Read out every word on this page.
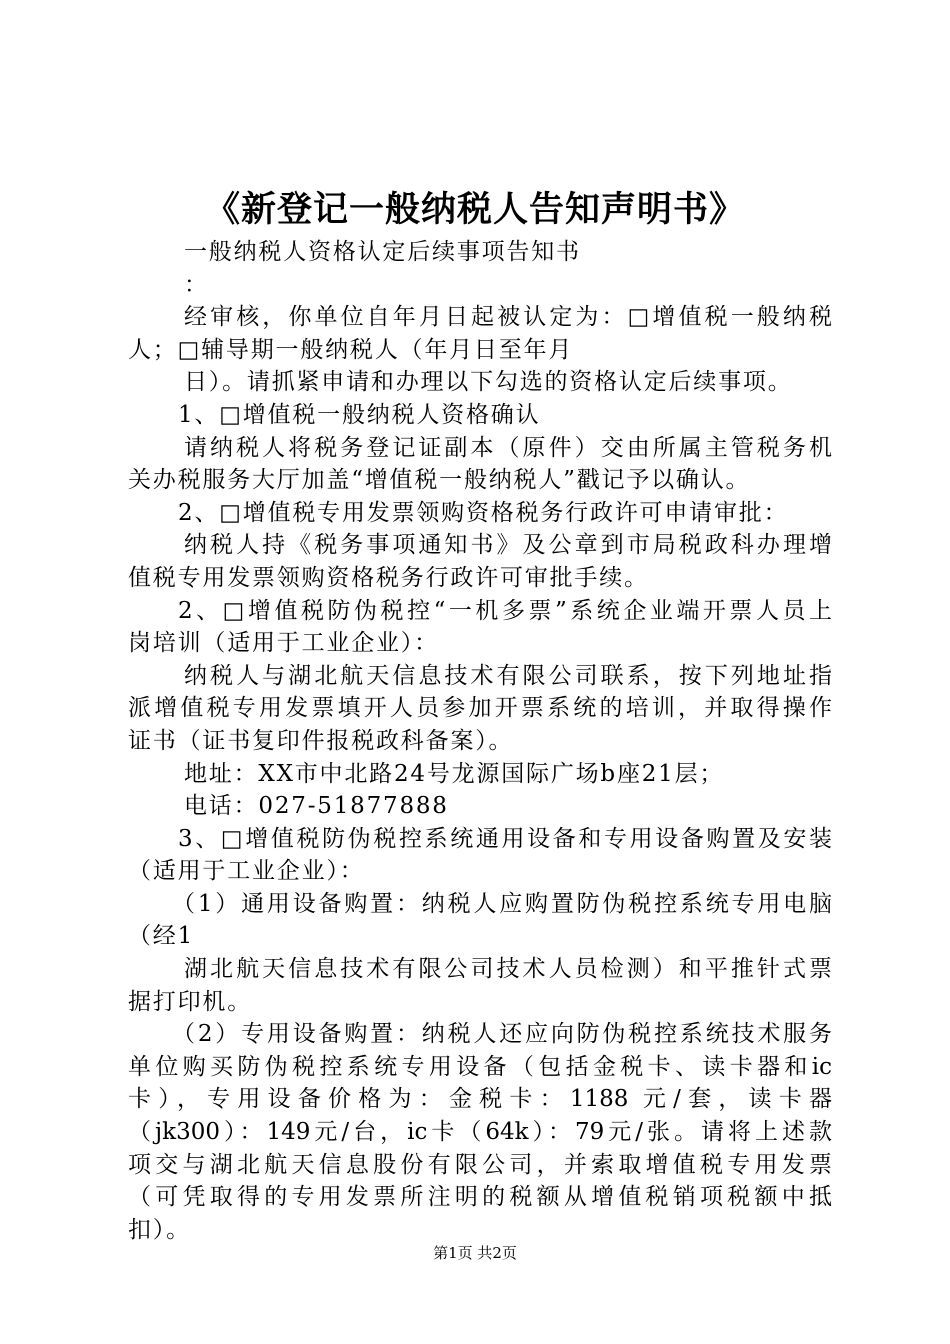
《新登记一般纳税人告知声明书》
一般纳税人资格认定后续事项告知书
：
经审核，你单位自年月日起被认定为：□增值税一般纳税
人；□辅导期一般纳税人（年月日至年月
日）。请抓紧申请和办理以下勾选的资格认定后续事项。
1、□增值税一般纳税人资格确认
请纳税人将税务登记证副本（原件）交由所属主管税务机
关办税服务大厅加盖“增值税一般纳税人”戳记予以确认。
2、□增值税专用发票领购资格税务行政许可申请审批：
纳税人持《税务事项通知书》及公章到市局税政科办理增
值税专用发票领购资格税务行政许可审批手续。
2、□增值税防伪税控“一机多票”系统企业端开票人员上
岗培训（适用于工业企业）：
纳税人与湖北航天信息技术有限公司联系，按下列地址指
派增值税专用发票填开人员参加开票系统的培训，并取得操作
证书（证书复印件报税政科备案）。
地址：XX市中北路24号龙源国际广场b座21层；
电话：027-51877888
3、□增值税防伪税控系统通用设备和专用设备购置及安装
（适用于工业企业）：
（1）通用设备购置：纳税人应购置防伪税控系统专用电脑
（经1
湖北航天信息技术有限公司技术人员检测）和平推针式票
据打印机。
（2）专用设备购置：纳税人还应向防伪税控系统技术服务
单位购买防伪税控系统专用设备（包括金税卡、读卡器和ic
卡），专用设备价格为：金税卡：1188 元/套，读卡器
（jk300）：149元/台，ic卡（64k）：79元/张。请将上述款
项交与湖北航天信息股份有限公司，并索取增值税专用发票
（可凭取得的专用发票所注明的税额从增值税销项税额中抵
扣）。
第1页 共2页
